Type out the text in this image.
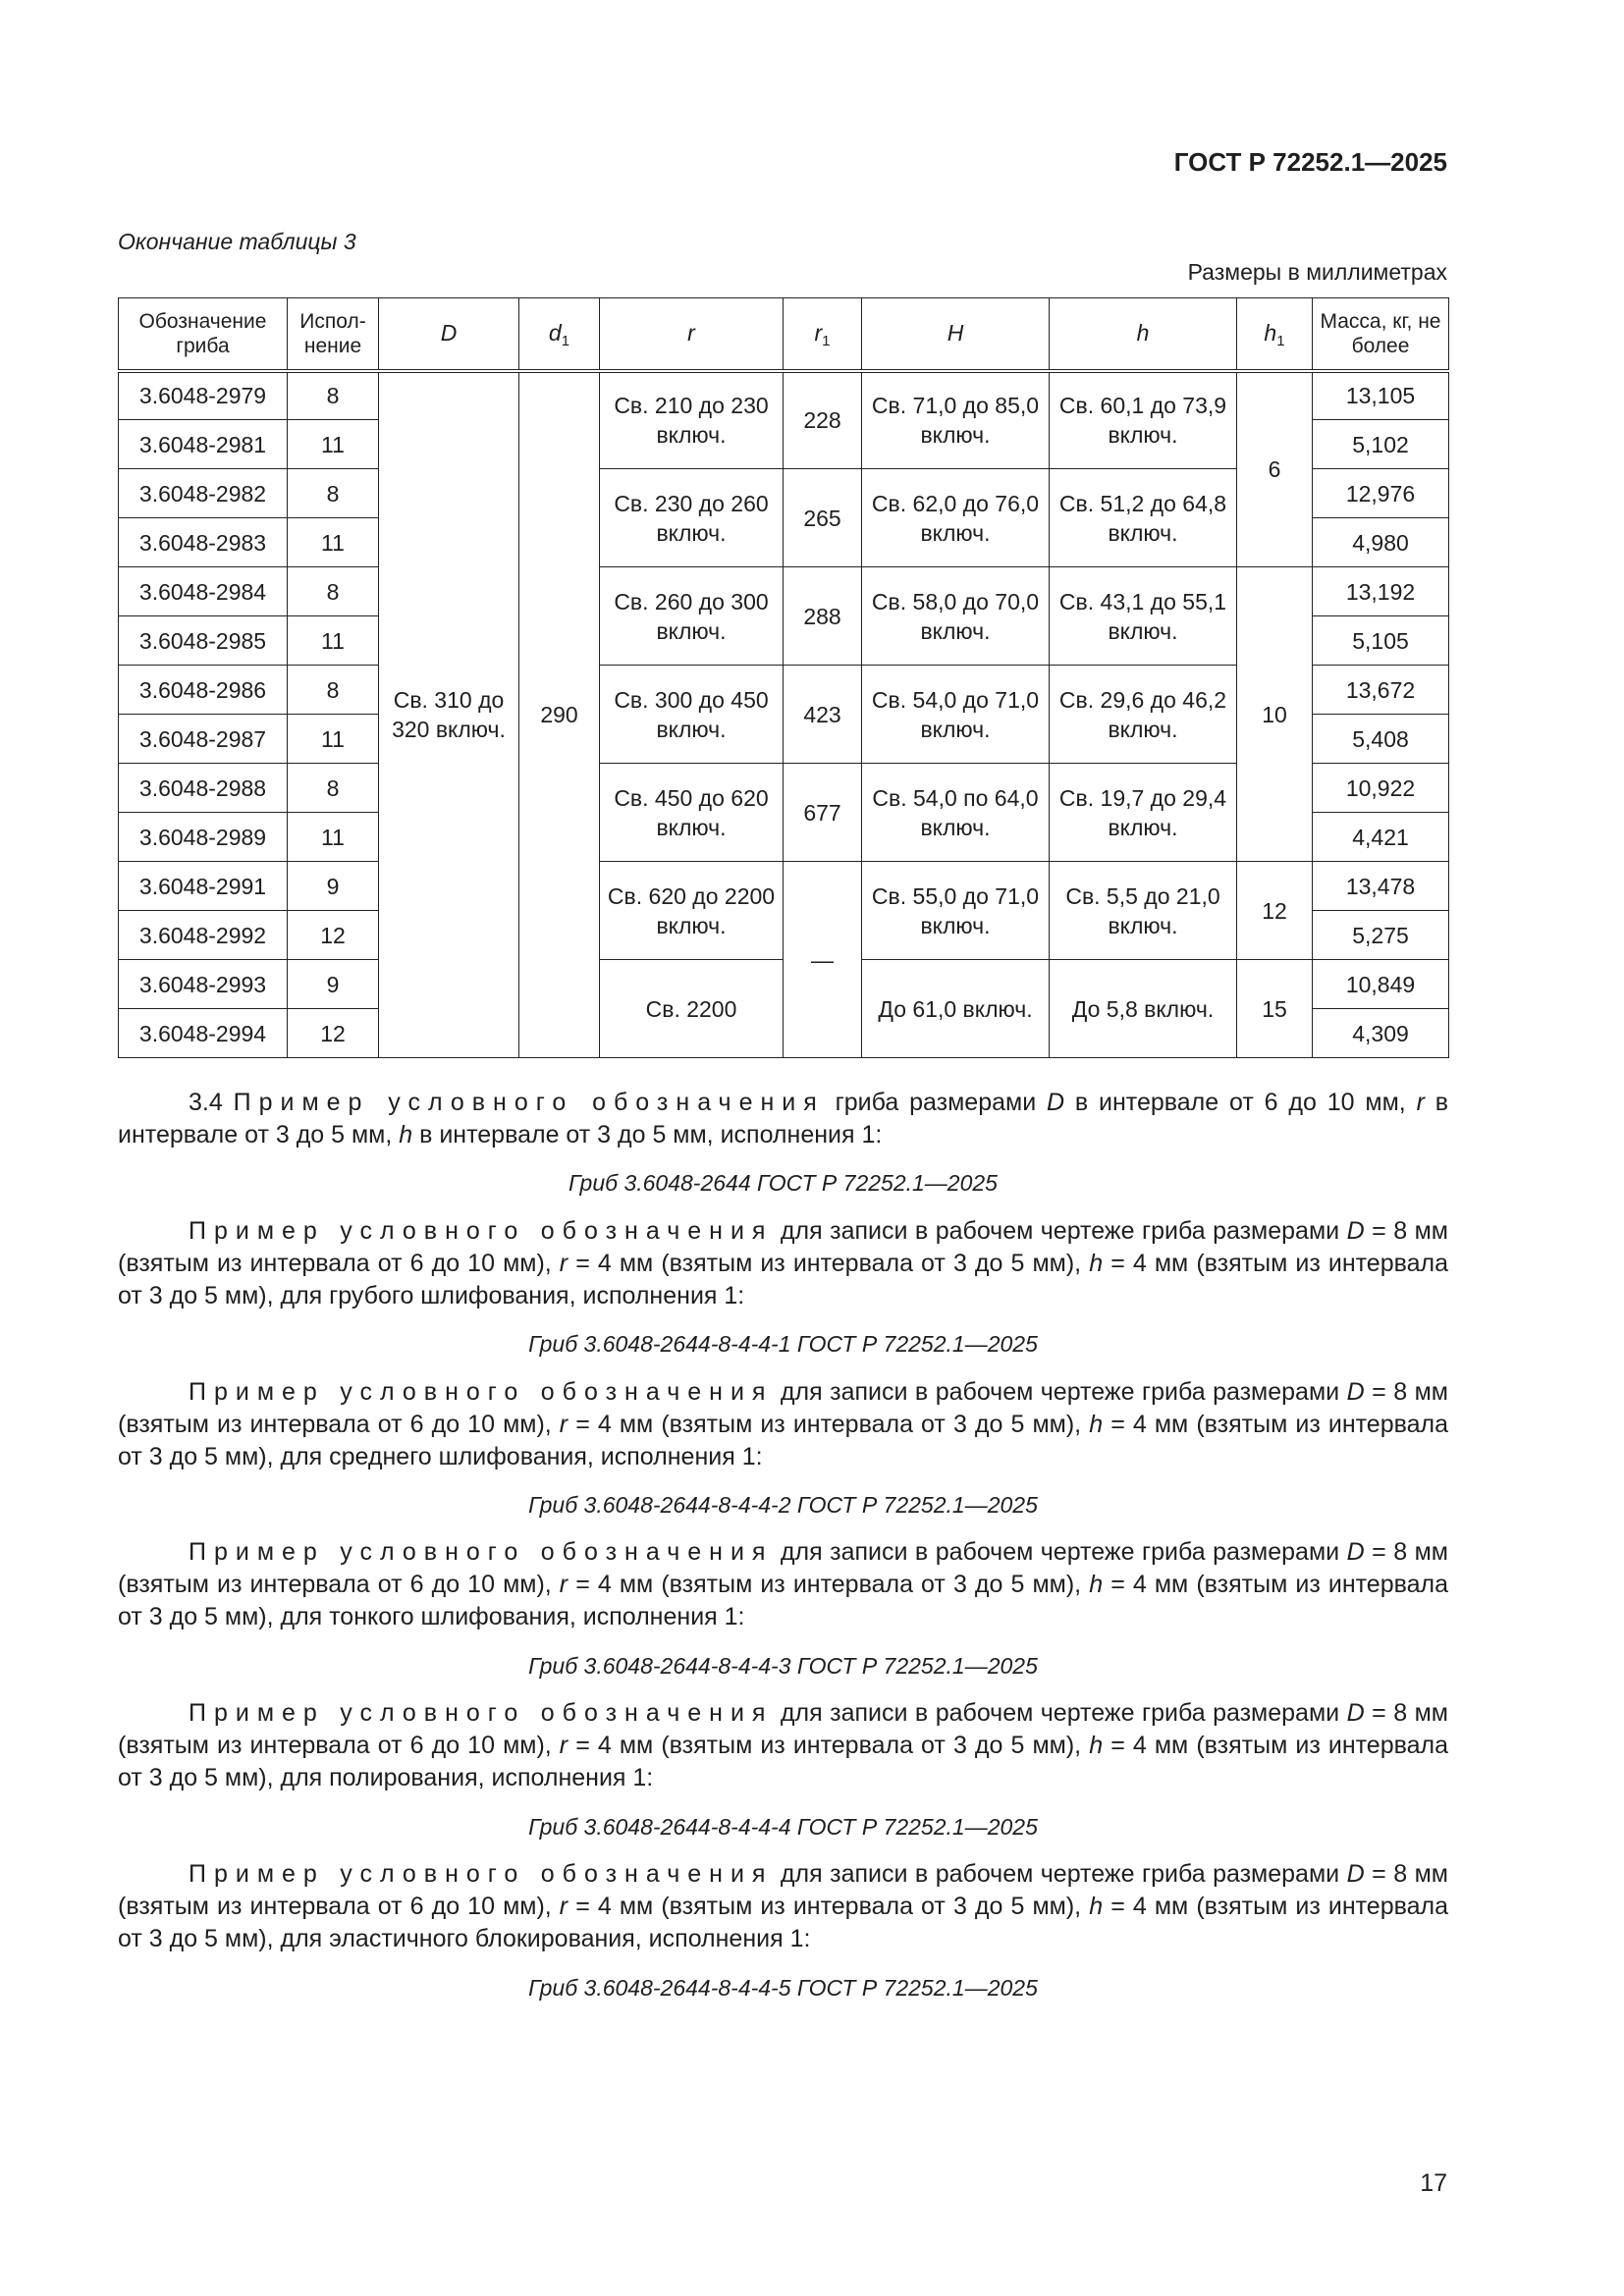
ГОСТ Р 72252.1—2025
Окончание таблицы 3
Размеры в миллиметрах
Обозначение гриба	Испол-нение	D	$d_1$	r	$r_1$	H	h	$h_1$	Масса, кг, не более
3.6048-2979	8	Св. 310 до 320 включ.	290	Св. 210 до 230 включ.	228	Св. 71,0 до 85,0 включ.	Св. 60,1 до 73,9 включ.	6	13,105
3.6048-2981	11								5,102
3.6048-2982	8			Св. 230 до 260 включ.	265	Св. 62,0 до 76,0 включ.	Св. 51,2 до 64,8 включ.		12,976
3.6048-2983	11								4,980
3.6048-2984	8			Св. 260 до 300 включ.	288	Св. 58,0 до 70,0 включ.	Св. 43,1 до 55,1 включ.	10	13,192
3.6048-2985	11								5,105
3.6048-2986	8			Св. 300 до 450 включ.	423	Св. 54,0 до 71,0 включ.	Св. 29,6 до 46,2 включ.		13,672
3.6048-2987	11								5,408
3.6048-2988	8			Св. 450 до 620 включ.	677	Св. 54,0 по 64,0 включ.	Св. 19,7 до 29,4 включ.		10,922
3.6048-2989	11								4,421
3.6048-2991	9			Св. 620 до 2200 включ.	—	Св. 55,0 до 71,0 включ.	Св. 5,5 до 21,0 включ.	12	13,478
3.6048-2992	12								5,275
3.6048-2993	9			Св. 2200		До 61,0 включ.	До 5,8 включ.	15	10,849
3.6048-2994	12								4,309
3.4 Пример условного обозначения гриба размерами D в интервале от 6 до 10 мм, r в интервале от 3 до 5 мм, h в интервале от 3 до 5 мм, исполнения 1:
Гриб 3.6048-2644 ГОСТ Р 72252.1—2025
Пример условного обозначения для записи в рабочем чертеже гриба размерами D = 8 мм (взятым из интервала от 6 до 10 мм), r = 4 мм (взятым из интервала от 3 до 5 мм), h = 4 мм (взятым из интервала от 3 до 5 мм), для грубого шлифования, исполнения 1:
Гриб 3.6048-2644-8-4-4-1 ГОСТ Р 72252.1—2025
Пример условного обозначения для записи в рабочем чертеже гриба размерами D = 8 мм (взятым из интервала от 6 до 10 мм), r = 4 мм (взятым из интервала от 3 до 5 мм), h = 4 мм (взятым из интервала от 3 до 5 мм), для среднего шлифования, исполнения 1:
Гриб 3.6048-2644-8-4-4-2 ГОСТ Р 72252.1—2025
Пример условного обозначения для записи в рабочем чертеже гриба размерами D = 8 мм (взятым из интервала от 6 до 10 мм), r = 4 мм (взятым из интервала от 3 до 5 мм), h = 4 мм (взятым из интервала от 3 до 5 мм), для тонкого шлифования, исполнения 1:
Гриб 3.6048-2644-8-4-4-3 ГОСТ Р 72252.1—2025
Пример условного обозначения для записи в рабочем чертеже гриба размерами D = 8 мм (взятым из интервала от 6 до 10 мм), r = 4 мм (взятым из интервала от 3 до 5 мм), h = 4 мм (взятым из интервала от 3 до 5 мм), для полирования, исполнения 1:
Гриб 3.6048-2644-8-4-4-4 ГОСТ Р 72252.1—2025
Пример условного обозначения для записи в рабочем чертеже гриба размерами D = 8 мм (взятым из интервала от 6 до 10 мм), r = 4 мм (взятым из интервала от 3 до 5 мм), h = 4 мм (взятым из интервала от 3 до 5 мм), для эластичного блокирования, исполнения 1:
Гриб 3.6048-2644-8-4-4-5 ГОСТ Р 72252.1—2025
17
